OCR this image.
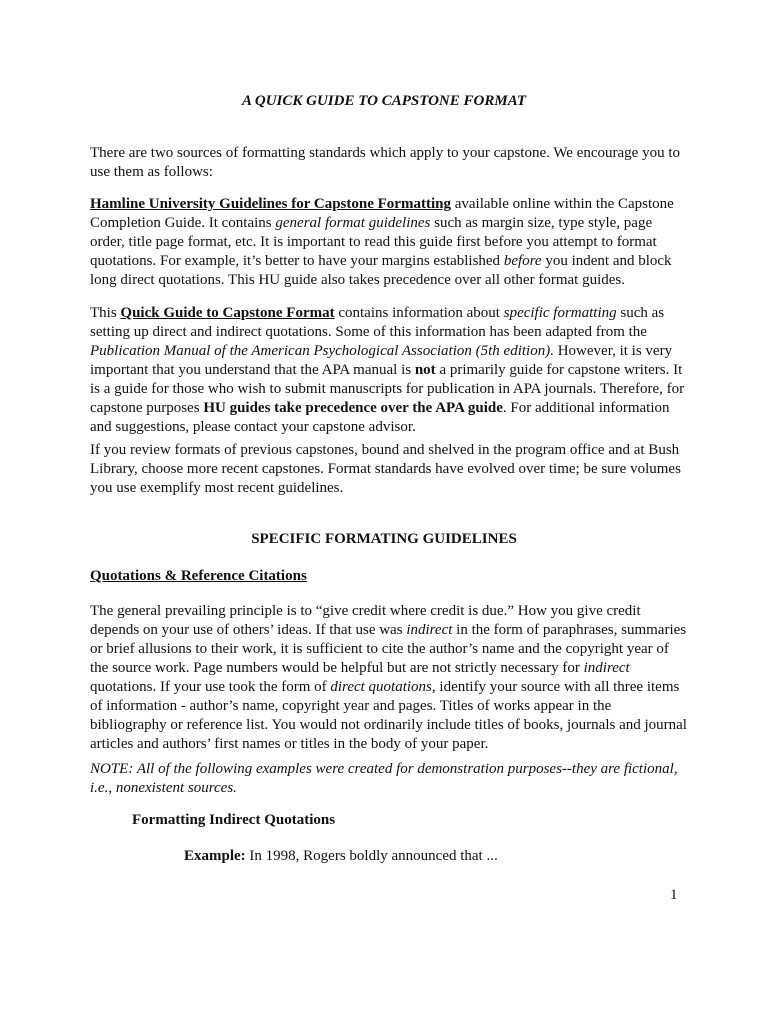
A QUICK GUIDE TO CAPSTONE FORMAT

There are two sources of formatting standards which apply to your capstone. We encourage you to use them as follows:

Hamline University Guidelines for Capstone Formatting available online within the Capstone Completion Guide. It contains general format guidelines such as margin size, type style, page order, title page format, etc. It is important to read this guide first before you attempt to format quotations. For example, it’s better to have your margins established before you indent and block long direct quotations. This HU guide also takes precedence over all other format guides.

This Quick Guide to Capstone Format contains information about specific formatting such as setting up direct and indirect quotations. Some of this information has been adapted from the Publication Manual of the American Psychological Association (5th edition). However, it is very important that you understand that the APA manual is not a primarily guide for capstone writers. It is a guide for those who wish to submit manuscripts for publication in APA journals. Therefore, for capstone purposes HU guides take precedence over the APA guide. For additional information and suggestions, please contact your capstone advisor.

If you review formats of previous capstones, bound and shelved in the program office and at Bush Library, choose more recent capstones. Format standards have evolved over time; be sure volumes you use exemplify most recent guidelines.

SPECIFIC FORMATING GUIDELINES
Quotations & Reference Citations

The general prevailing principle is to “give credit where credit is due.” How you give credit depends on your use of others’ ideas. If that use was indirect in the form of paraphrases, summaries or brief allusions to their work, it is sufficient to cite the author’s name and the copyright year of the source work. Page numbers would be helpful but are not strictly necessary for indirect quotations. If your use took the form of direct quotations, identify your source with all three items of information - author’s name, copyright year and pages. Titles of works appear in the bibliography or reference list. You would not ordinarily include titles of books, journals and journal articles and authors’ first names or titles in the body of your paper.

NOTE: All of the following examples were created for demonstration purposes--they are fictional, i.e., nonexistent sources.

Formatting Indirect Quotations
Example: In 1998, Rogers boldly announced that ...
1
